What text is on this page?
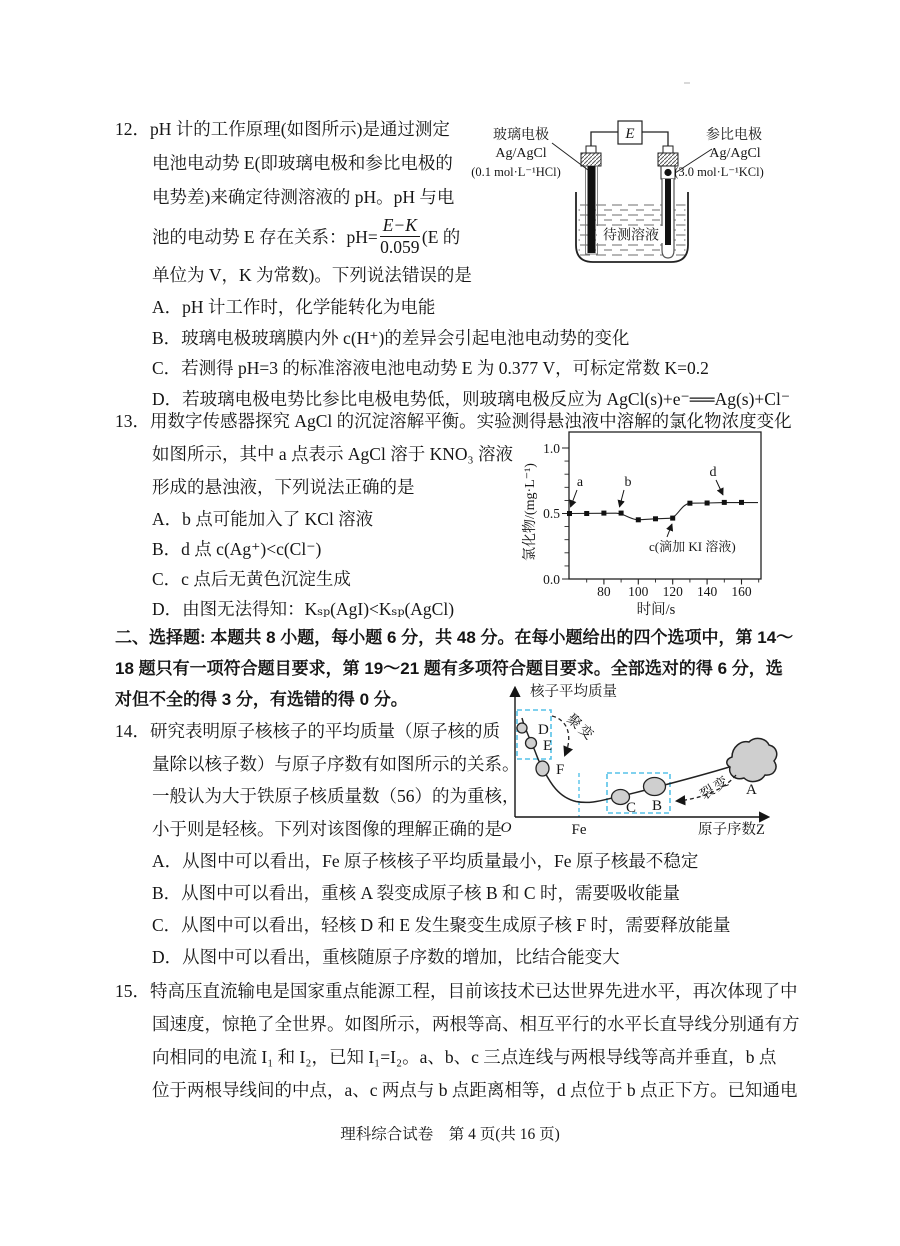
12．pH 计的工作原理(如图所示)是通过测定
电池电动势 E(即玻璃电极和参比电极的
电势差)来确定待测溶液的 pH。pH 与电
池的电动势 E 存在关系：$pH= \frac{E-K}{0.059} (E$ 的
单位为 V，K 为常数)。下列说法错误的是
A．pH 计工作时，化学能转化为电能
B．玻璃电极玻璃膜内外 c(H⁺)的差异会引起电池电动势的变化
C．若测得 pH=3 的标准溶液电池电动势 E 为 0.377 V，可标定常数 K=0.2
D．若玻璃电极电势比参比电极电势低，则玻璃电极反应为 AgCl(s)+e⁻══Ag(s)+Cl⁻
E
待测溶液
玻璃电极
Ag/AgCl
(0.1 mol·L⁻¹HCl)
参比电极
Ag/AgCl
(3.0 mol·L⁻¹KCl)
13．用数字传感器探究 AgCl 的沉淀溶解平衡。实验测得悬浊液中溶解的氯化物浓度变化
如图所示，其中 a 点表示 AgCl 溶于 KNO₃ 溶液
形成的悬浊液，下列说法正确的是
A．b 点可能加入了 KCl 溶液
B．d 点 c(Ag⁺)<c(Cl⁻)
C．c 点后无黄色沉淀生成
D．由图无法得知：Kₛₚ(AgI)<Kₛₚ(AgCl)
1.0
0.5
0.0
80 100 120 140 160
氯化物/(mg·L⁻¹)
时间/s
a	b
d
c(滴加 KI 溶液)
二、选择题: 本题共 8 小题，每小题 6 分，共 48 分。在每小题给出的四个选项中，第 14～
18 题只有一项符合题目要求，第 19～21 题有多项符合题目要求。全部选对的得 6 分，选
对但不全的得 3 分，有选错的得 0 分。
14．研究表明原子核核子的平均质量（原子核的质
量除以核子数）与原子序数有如图所示的关系。
一般认为大于铁原子核质量数（56）的为重核，
小于则是轻核。下列对该图像的理解正确的是
A．从图中可以看出，Fe 原子核核子平均质量最小，Fe 原子核最不稳定
B．从图中可以看出，重核 A 裂变成原子核 B 和 C 时，需要吸收能量
C．从图中可以看出，轻核 D 和 E 发生聚变生成原子核 F 时，需要释放能量
D．从图中可以看出，重核随原子序数的增加，比结合能变大
核子平均质量
原子序数Z
O	Fe
D
E
F
C B
A
聚变
裂变
15．特高压直流输电是国家重点能源工程，目前该技术已达世界先进水平，再次体现了中
国速度，惊艳了全世界。如图所示，两根等高、相互平行的水平长直导线分别通有方
向相同的电流 I₁ 和 I₂，已知 I₁=I₂。a、b、c 三点连线与两根导线等高并垂直，b 点
位于两根导线间的中点，a、c 两点与 b 点距离相等，d 点位于 b 点正下方。已知通电
理科综合试卷　第 4 页(共 16 页)
